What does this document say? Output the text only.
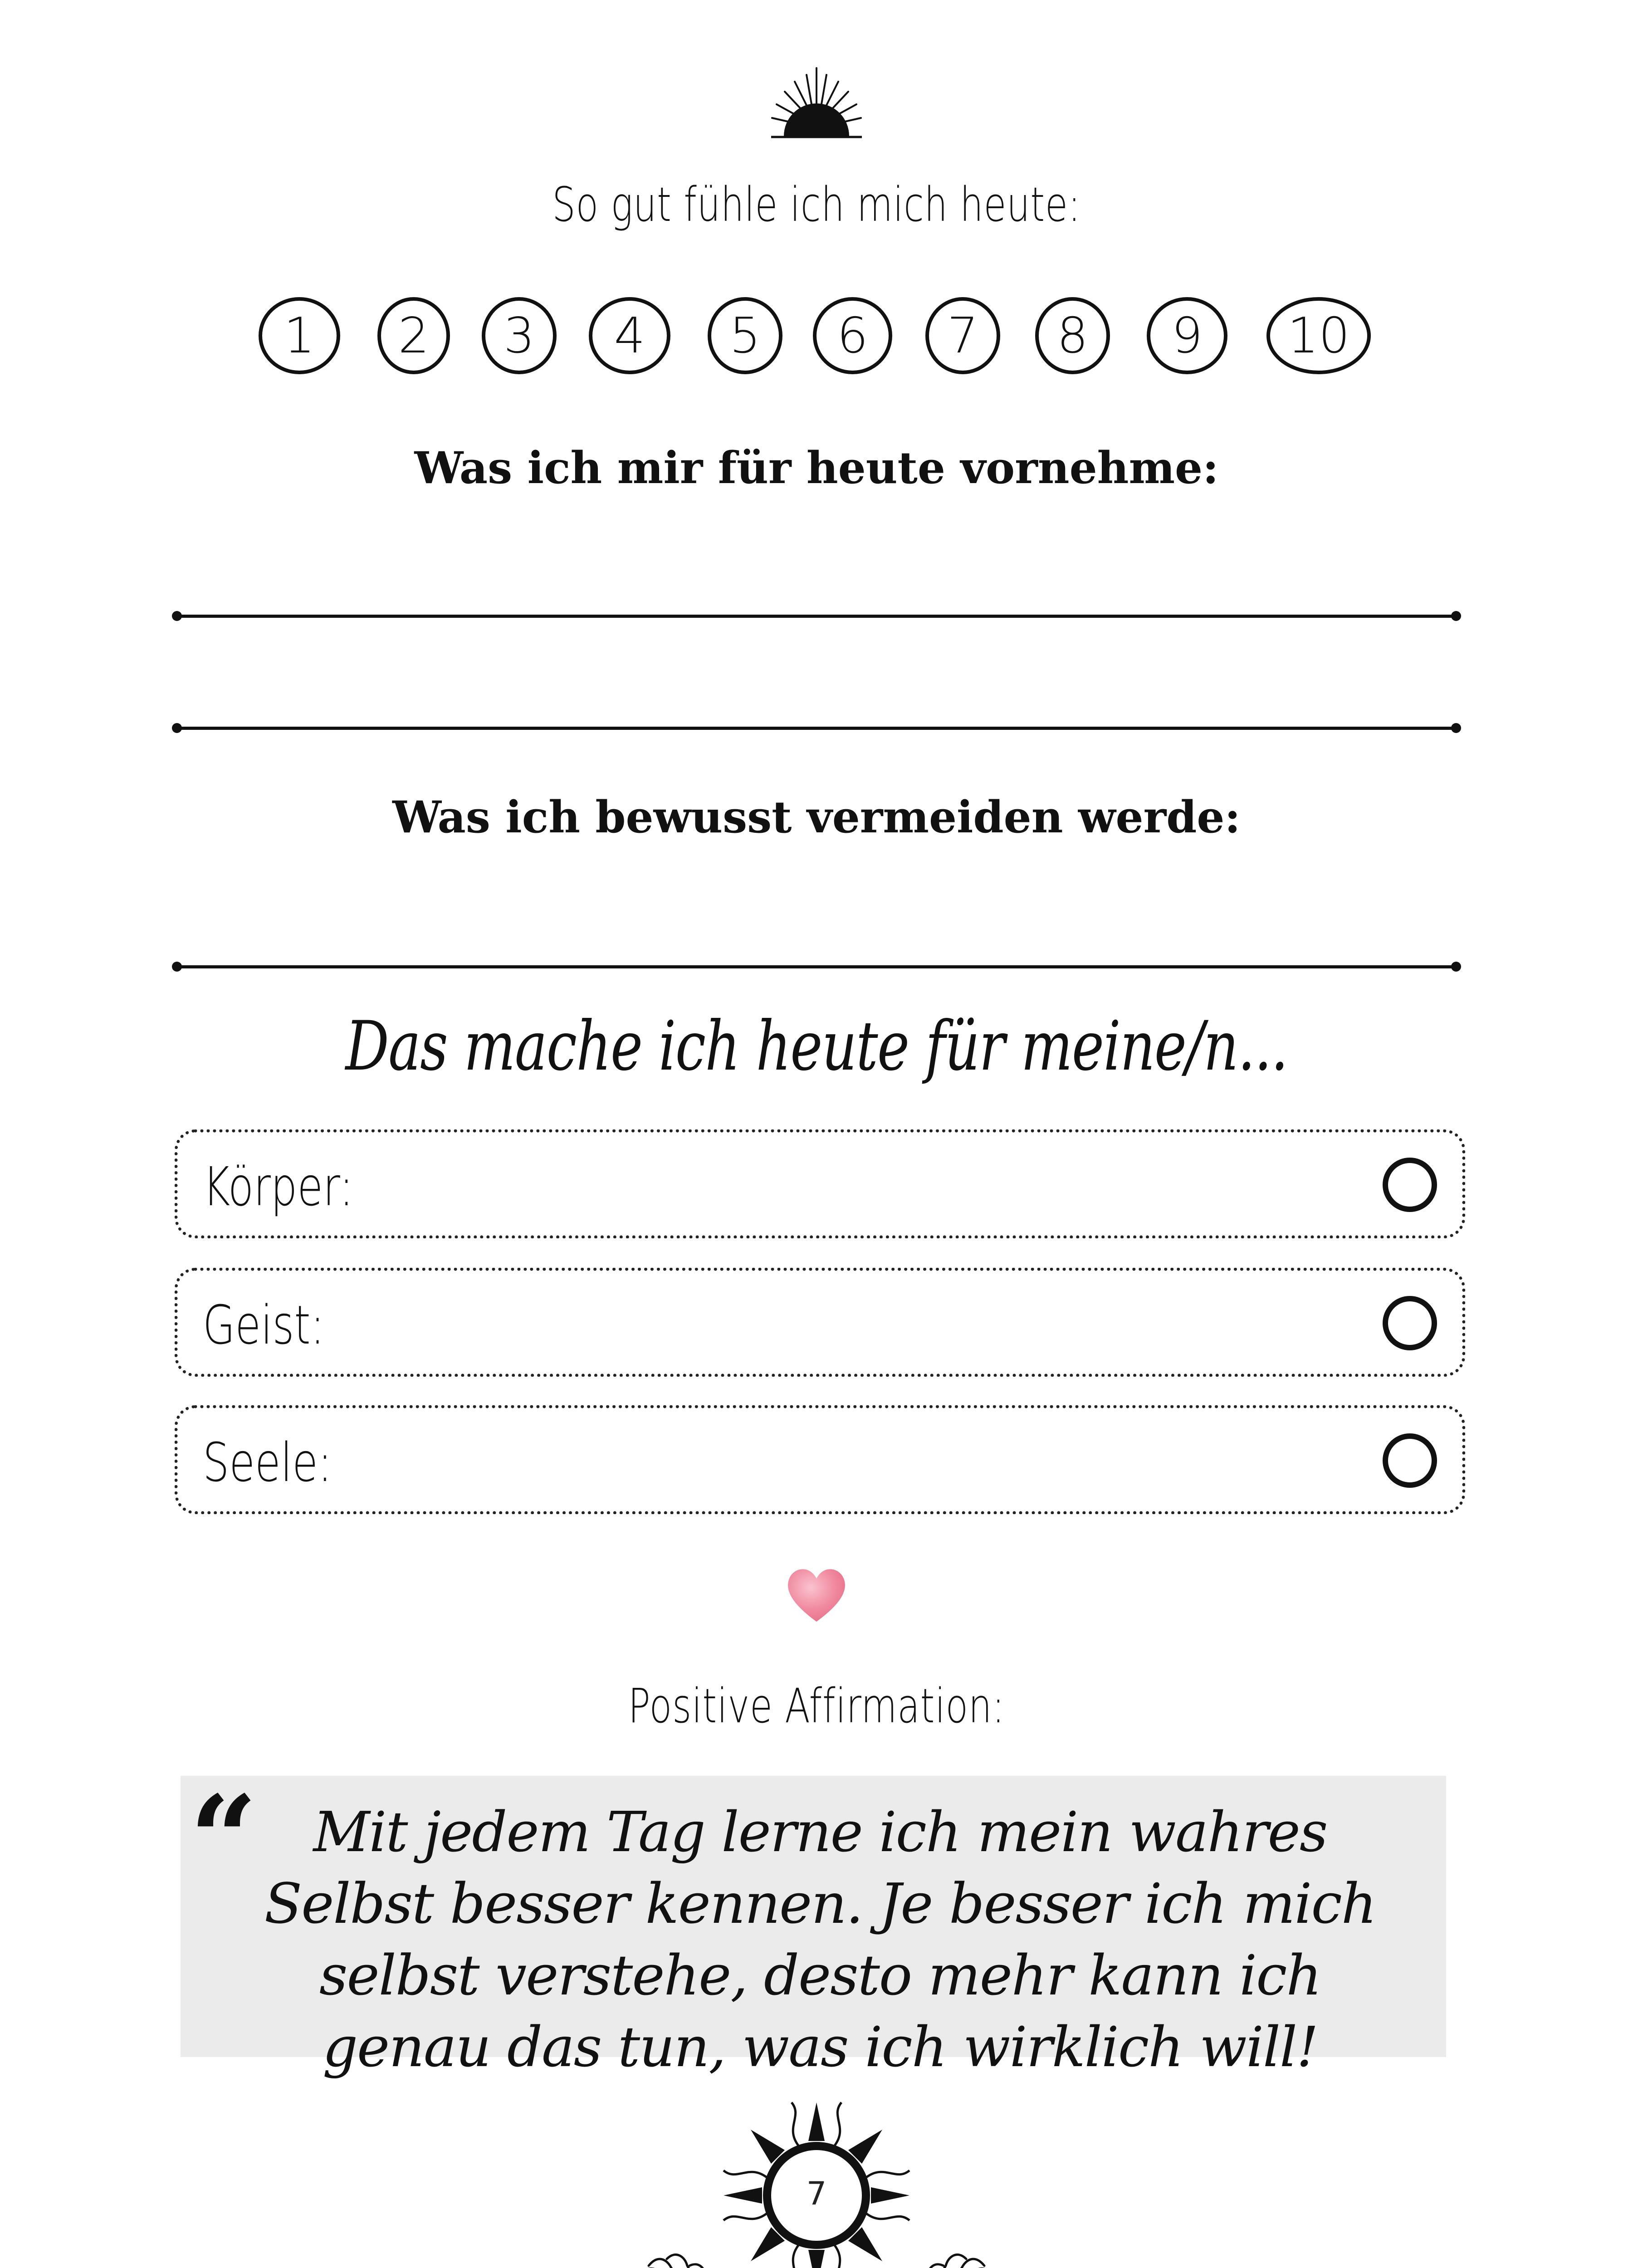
So gut fühle ich mich heute:
1	2	3	4	5	6	7	8	9	10
Was ich mir für heute vornehme:
Was ich bewusst vermeiden werde:
Das mache ich heute für meine/n...
Körper:
Geist:
Seele:
Positive Affirmation:
“	Mit jedem Tag lerne ich mein wahres Selbst besser kennen. Je besser ich mich selbst verstehe, desto mehr kann ich genau das tun, was ich wirklich will!
7
